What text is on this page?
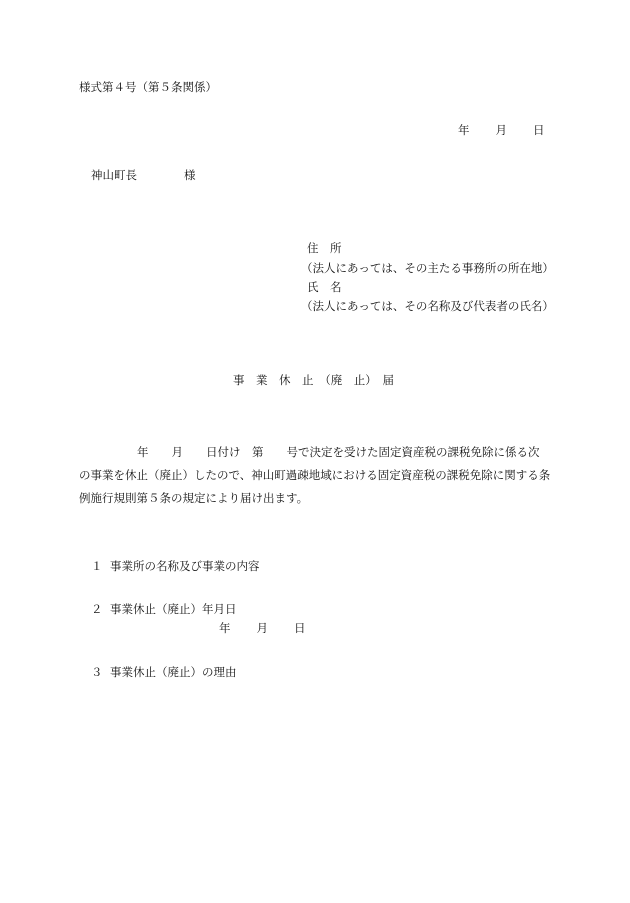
様式第４号（第５条関係）
年　　月　　日
神山町長	様
住　所
（法人にあっては、その主たる事務所の所在地）
氏　名
（法人にあっては、その名称及び代表者の氏名）
事　業　休　止　（廃　止）　届
年　　月　　日付け　第　　号で決定を受けた固定資産税の課税免除に係る次
の事業を休止（廃止）したので、神山町過疎地域における固定資産税の課税免除に関する条
例施行規則第５条の規定により届け出ます。
１ 事業所の名称及び事業の内容
２ 事業休止（廃止）年月日
年　　月　　日
３ 事業休止（廃止）の理由
